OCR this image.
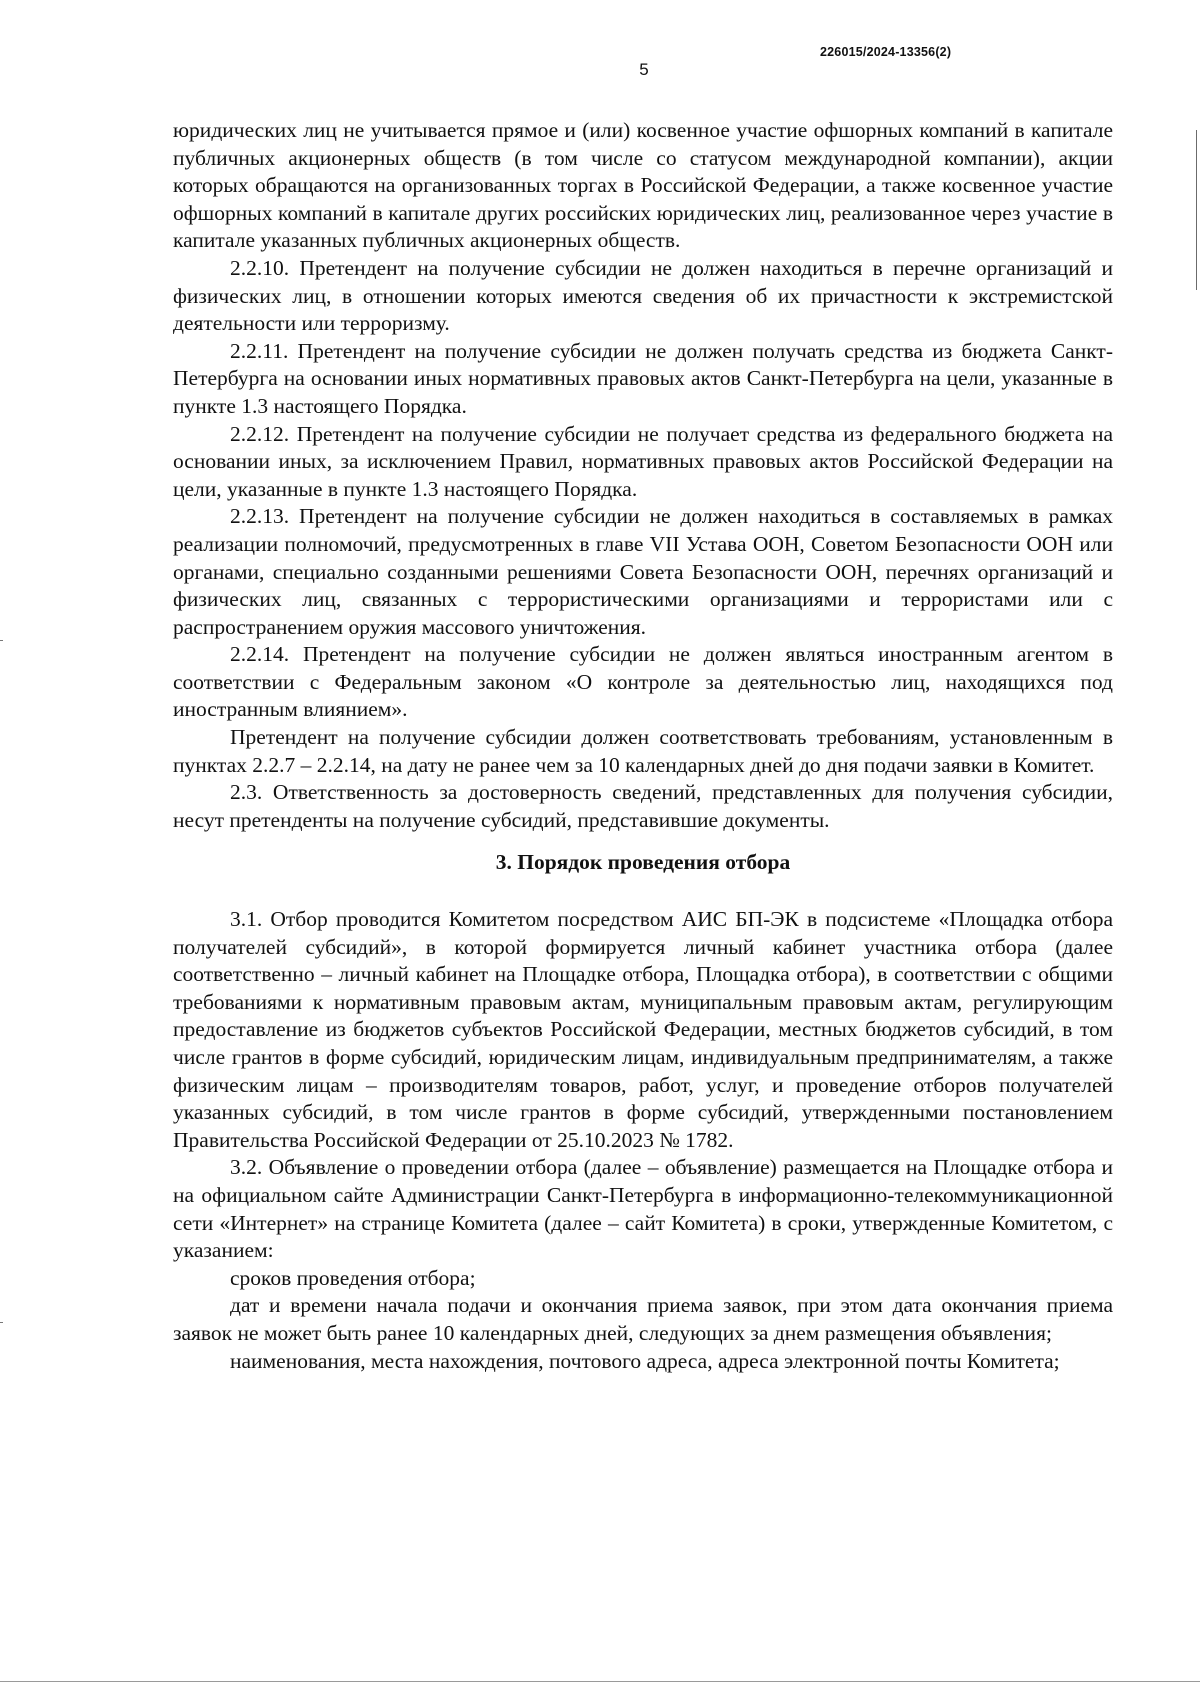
226015/2024-13356(2)
5

юридических лиц не учитывается прямое и (или) косвенное участие офшорных компаний в капитале публичных акционерных обществ (в том числе со статусом международной компании), акции которых обращаются на организованных торгах в Российской Федерации, а также косвенное участие офшорных компаний в капитале других российских юридических лиц, реализованное через участие в капитале указанных публичных акционерных обществ.

2.2.10. Претендент на получение субсидии не должен находиться в перечне организаций и физических лиц, в отношении которых имеются сведения об их причастности к экстремистской деятельности или терроризму.

2.2.11. Претендент на получение субсидии не должен получать средства из бюджета Санкт-Петербурга на основании иных нормативных правовых актов Санкт-Петербурга на цели, указанные в пункте 1.3 настоящего Порядка.

2.2.12. Претендент на получение субсидии не получает средства из федерального бюджета на основании иных, за исключением Правил, нормативных правовых актов Российской Федерации на цели, указанные в пункте 1.3 настоящего Порядка.

2.2.13. Претендент на получение субсидии не должен находиться в составляемых в рамках реализации полномочий, предусмотренных в главе VII Устава ООН, Советом Безопасности ООН или органами, специально созданными решениями Совета Безопасности ООН, перечнях организаций и физических лиц, связанных с террористическими организациями и террористами или с распространением оружия массового уничтожения.

2.2.14. Претендент на получение субсидии не должен являться иностранным агентом в соответствии с Федеральным законом «О контроле за деятельностью лиц, находящихся под иностранным влиянием».

Претендент на получение субсидии должен соответствовать требованиям, установленным в пунктах 2.2.7 – 2.2.14, на дату не ранее чем за 10 календарных дней до дня подачи заявки в Комитет.

2.3. Ответственность за достоверность сведений, представленных для получения субсидии, несут претенденты на получение субсидий, представившие документы.

3. Порядок проведения отбора

3.1. Отбор проводится Комитетом посредством АИС БП-ЭК в подсистеме «Площадка отбора получателей субсидий», в которой формируется личный кабинет участника отбора (далее соответственно – личный кабинет на Площадке отбора, Площадка отбора), в соответствии с общими требованиями к нормативным правовым актам, муниципальным правовым актам, регулирующим предоставление из бюджетов субъектов Российской Федерации, местных бюджетов субсидий, в том числе грантов в форме субсидий, юридическим лицам, индивидуальным предпринимателям, а также физическим лицам – производителям товаров, работ, услуг, и проведение отборов получателей указанных субсидий, в том числе грантов в форме субсидий, утвержденными постановлением Правительства Российской Федерации от 25.10.2023 № 1782.

3.2. Объявление о проведении отбора (далее – объявление) размещается на Площадке отбора и на официальном сайте Администрации Санкт-Петербурга в информационно-телекоммуникационной сети «Интернет» на странице Комитета (далее – сайт Комитета) в сроки, утвержденные Комитетом, с указанием:

сроков проведения отбора;

дат и времени начала подачи и окончания приема заявок, при этом дата окончания приема заявок не может быть ранее 10 календарных дней, следующих за днем размещения объявления;

наименования, места нахождения, почтового адреса, адреса электронной почты Комитета;
